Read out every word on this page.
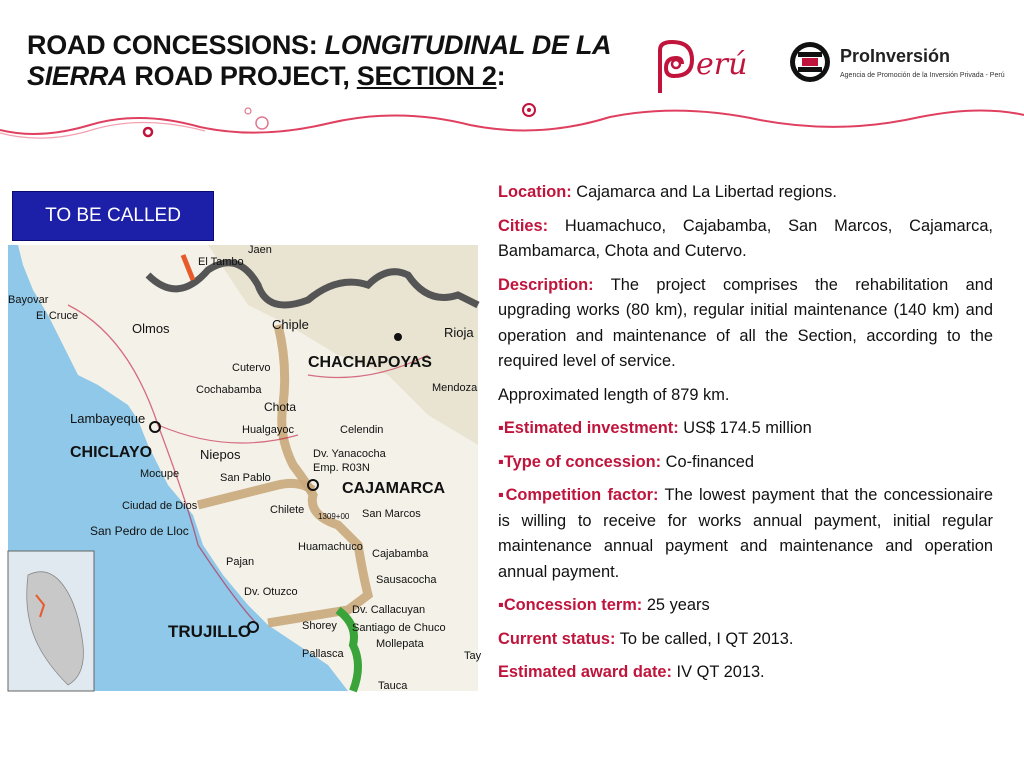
ROAD CONCESSIONS: LONGITUDINAL DE LA SIERRA ROAD PROJECT, SECTION 2:	erú	ProInversión
Agencia de Promoción de la Inversión Privada - Perú
TO BE CALLED
El Tambo
Jaen
Bayovar
El Cruce
Olmos	Chiple
Rioja
CHACHAPOYAS
Mendoza
Cutervo
Cochabamba
Chota
Lambayeque
Hualgayoc	Celendin
CHICLAYO	Niepos	Dv. Yanacocha
Emp. R03N
Mocupe	San Pablo
CAJAMARCA
Ciudad de Dios	Chilete
1309+00 San Marcos
San Pedro de Lloc
Cajabamba
Pajan
Huamachuco
Sausacocha
Dv. Otuzco
TRUJILLO
Dv. Callacuyan
Shorey Santiago de Chuco
Mollepata
Pallasca
Tauca
Tay

Location: Cajamarca and La Libertad regions.

Cities: Huamachuco, Cajabamba, San Marcos, Cajamarca, Bambamarca, Chota and Cutervo.

Description: The project comprises the rehabilitation and upgrading works (80 km), regular initial maintenance (140 km) and operation and maintenance of all the Section, according to the required level of service.

Approximated length of 879 km.

▪Estimated investment: US$ 174.5 million

▪Type of concession: Co-financed

▪Competition factor: The lowest payment that the concessionaire is willing to receive for works annual payment, initial regular maintenance annual payment and maintenance and operation annual payment.

▪Concession term: 25 years

Current status: To be called, I QT 2013.

Estimated award date: IV QT 2013.
